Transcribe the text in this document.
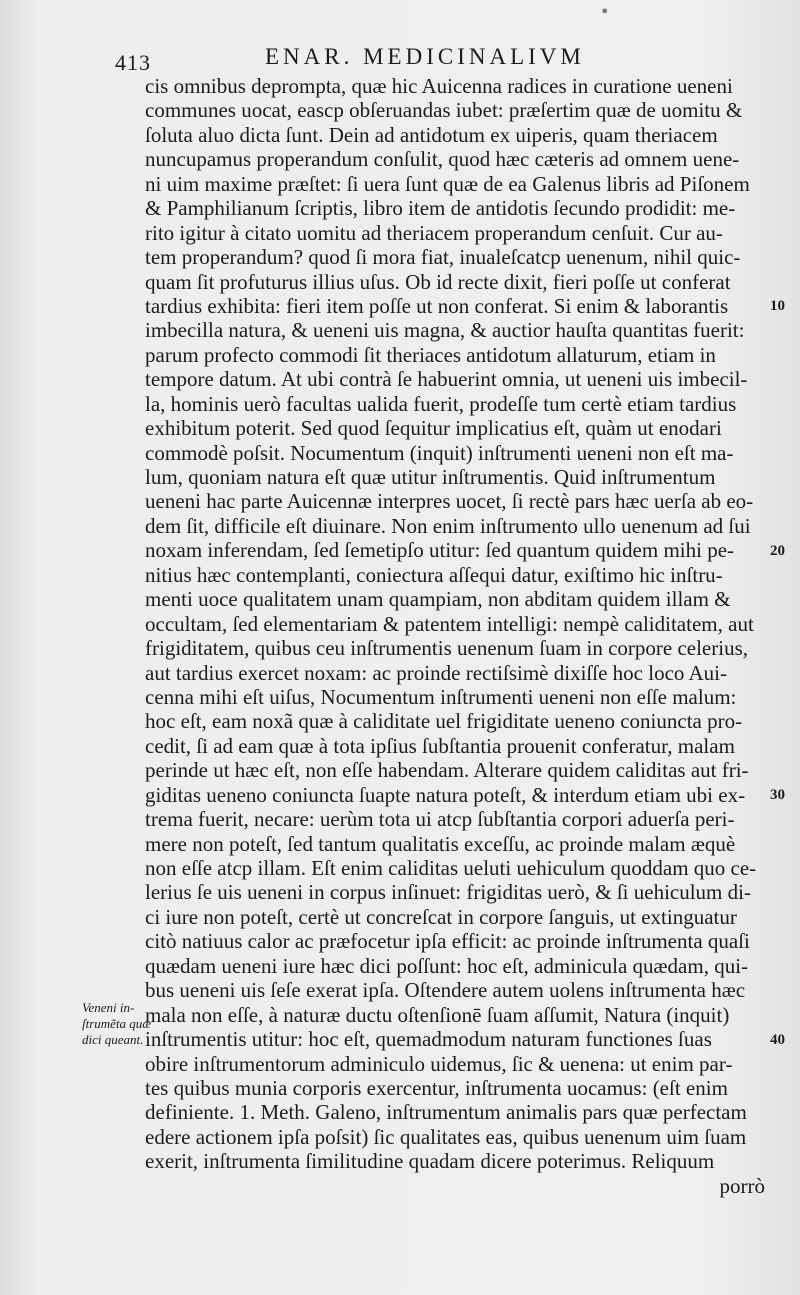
413	ENAR. MEDICINALIVM
cis omnibus deprompta, quæ hic Auicenna radices in curatione ueneni
communes uocat, eascp obſeruandas iubet: præſertim quæ de uomitu &
ſoluta aluo dicta ſunt. Dein ad antidotum ex uiperis, quam theriacem
nuncupamus properandum conſulit, quod hæc cæteris ad omnem uene-
ni uim maxime præſtet: ſi uera ſunt quæ de ea Galenus libris ad Piſonem
& Pamphilianum ſcriptis, libro item de antidotis ſecundo prodidit: me-
rito igitur à citato uomitu ad theriacem properandum cenſuit. Cur au-
tem properandum? quod ſi mora fiat, inualeſcatcp uenenum, nihil quic-
quam ſit profuturus illius uſus. Ob id recte dixit, fieri poſſe ut conferat
tardius exhibita: fieri item poſſe ut non conferat. Si enim & laborantis
imbecilla natura, & ueneni uis magna, & auctior hauſta quantitas fuerit:
parum profecto commodi ſit theriaces antidotum allaturum, etiam in
tempore datum. At ubi contrà ſe habuerint omnia, ut ueneni uis imbecil-
la, hominis uerò facultas ualida fuerit, prodeſſe tum certè etiam tardius
exhibitum poterit. Sed quod ſequitur implicatius eſt, quàm ut enodari
commodè poſsit. Nocumentum (inquit) inſtrumenti ueneni non eſt ma-
lum, quoniam natura eſt quæ utitur inſtrumentis. Quid inſtrumentum
ueneni hac parte Auicennæ interpres uocet, ſi rectè pars hæc uerſa ab eo-
dem ſit, difficile eſt diuinare. Non enim inſtrumento ullo uenenum ad ſui
noxam inferendam, ſed ſemetipſo utitur: ſed quantum quidem mihi pe-
nitius hæc contemplanti, coniectura aſſequi datur, exiſtimo hic inſtru-
menti uoce qualitatem unam quampiam, non abditam quidem illam &
occultam, ſed elementariam & patentem intelligi: nempè caliditatem, aut
frigiditatem, quibus ceu inſtrumentis uenenum ſuam in corpore celerius,
aut tardius exercet noxam: ac proinde rectiſsimè dixiſſe hoc loco Aui-
cenna mihi eſt uiſus, Nocumentum inſtrumenti ueneni non eſſe malum:
hoc eſt, eam noxã quæ à caliditate uel frigiditate ueneno coniuncta pro-
cedit, ſi ad eam quæ à tota ipſius ſubſtantia prouenit conferatur, malam
perinde ut hæc eſt, non eſſe habendam. Alterare quidem caliditas aut fri-
giditas ueneno coniuncta ſuapte natura poteſt, & interdum etiam ubi ex-
trema fuerit, necare: uerùm tota ui atcp ſubſtantia corpori aduerſa peri-
mere non poteſt, ſed tantum qualitatis exceſſu, ac proinde malam æquè
non eſſe atcp illam. Eſt enim caliditas ueluti uehiculum quoddam quo ce-
lerius ſe uis ueneni in corpus inſinuet: frigiditas uerò, & ſi uehiculum di-
ci iure non poteſt, certè ut concreſcat in corpore ſanguis, ut extinguatur
citò natiuus calor ac præfocetur ipſa efficit: ac proinde inſtrumenta quaſi
quædam ueneni iure hæc dici poſſunt: hoc eſt, adminicula quædam, qui-
bus ueneni uis ſeſe exerat ipſa. Oſtendere autem uolens inſtrumenta hæc
mala non eſſe, à naturæ ductu oſtenſionē ſuam aſſumit, Natura (inquit)
inſtrumentis utitur: hoc eſt, quemadmodum naturam functiones ſuas
obire inſtrumentorum adminiculo uidemus, ſic & uenena: ut enim par-
tes quibus munia corporis exercentur, inſtrumenta uocamus: (eſt enim
definiente. 1. Meth. Galeno, inſtrumentum animalis pars quæ perfectam
edere actionem ipſa poſsit) ſic qualitates eas, quibus uenenum uim ſuam
exerit, inſtrumenta ſimilitudine quadam dicere poterimus. Reliquum
porrò
10
20
30
40
Veneni in-
ſtrumẽta quæ
dici queant.
•
